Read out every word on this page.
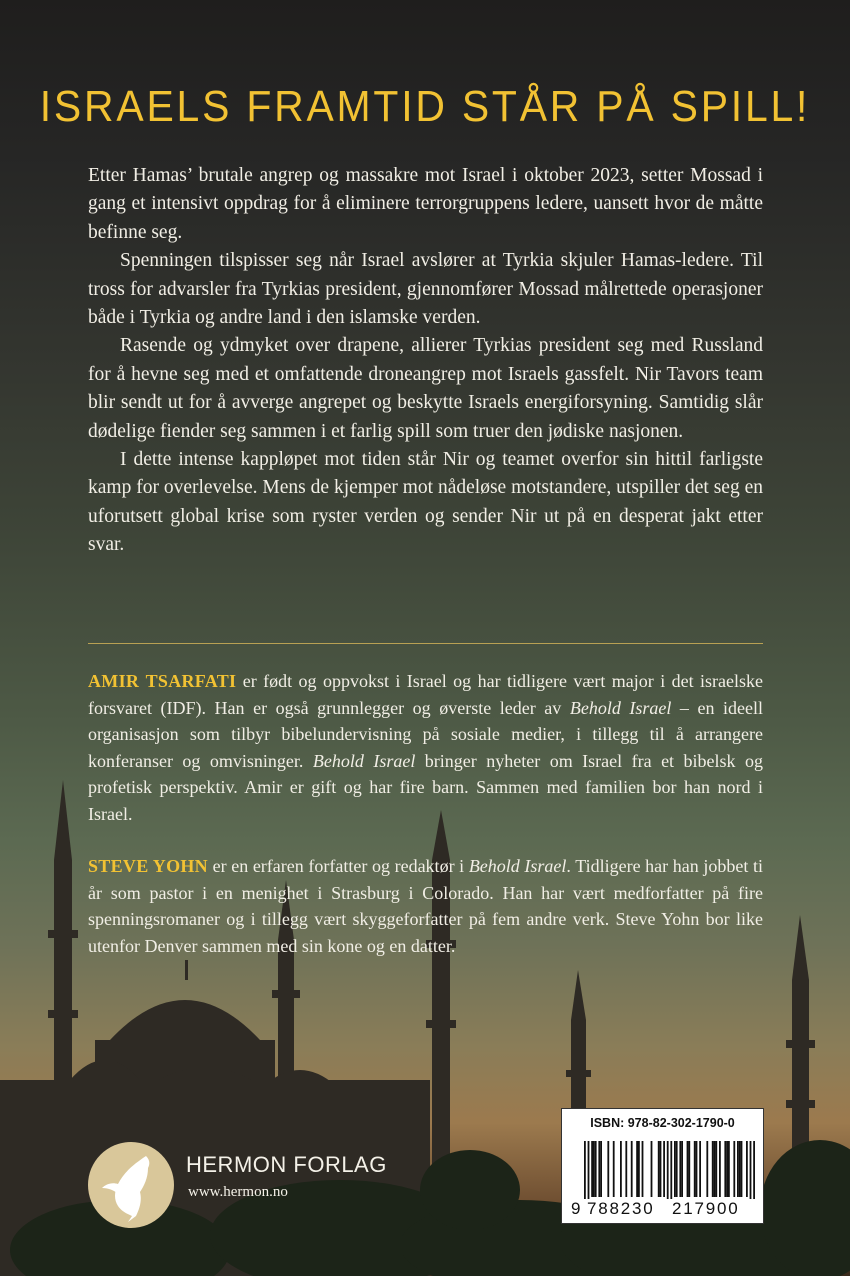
ISRAELS FRAMTID STÅR PÅ SPILL!

Etter Hamas’ brutale angrep og massakre mot Israel i oktober 2023, setter Mossad i gang et intensivt oppdrag for å eliminere terrorgruppens ledere, uansett hvor de måtte befinne seg.

Spenningen tilspisser seg når Israel avslører at Tyrkia skjuler Hamas-ledere. Til tross for advarsler fra Tyrkias president, gjennomfører Mossad målrettede operasjoner både i Tyrkia og andre land i den islamske verden.

Rasende og ydmyket over drapene, allierer Tyrkias president seg med Russland for å hevne seg med et omfattende droneangrep mot Israels gassfelt. Nir Tavors team blir sendt ut for å avverge angrepet og beskytte Israels energiforsyning. Samtidig slår dødelige fiender seg sammen i et farlig spill som truer den jødiske nasjonen.

I dette intense kappløpet mot tiden står Nir og teamet overfor sin hittil farligste kamp for overlevelse. Mens de kjemper mot nådeløse motstandere, utspiller det seg en uforutsett global krise som ryster verden og sender Nir ut på en desperat jakt etter svar.

AMIR TSARFATI er født og oppvokst i Israel og har tidligere vært major i det israelske forsvaret (IDF). Han er også grunnlegger og øverste leder av Behold Israel – en ideell organisasjon som tilbyr bibelundervisning på sosiale medier, i tillegg til å arrangere konferanser og omvisninger. Behold Israel bringer nyheter om Israel fra et bibelsk og profetisk perspektiv. Amir er gift og har fire barn. Sammen med familien bor han nord i Israel.

STEVE YOHN er en erfaren forfatter og redaktør i Behold Israel. Tidligere har han jobbet ti år som pastor i en menighet i Strasburg i Colorado. Han har vært medforfatter på fire spenningsromaner og i tillegg vært skyggeforfatter på fem andre verk. Steve Yohn bor like utenfor Denver sammen med sin kone og en datter.

HERMON FORLAG
www.hermon.no
ISBN: 978-82-302-1790-0
9 788230 217900
